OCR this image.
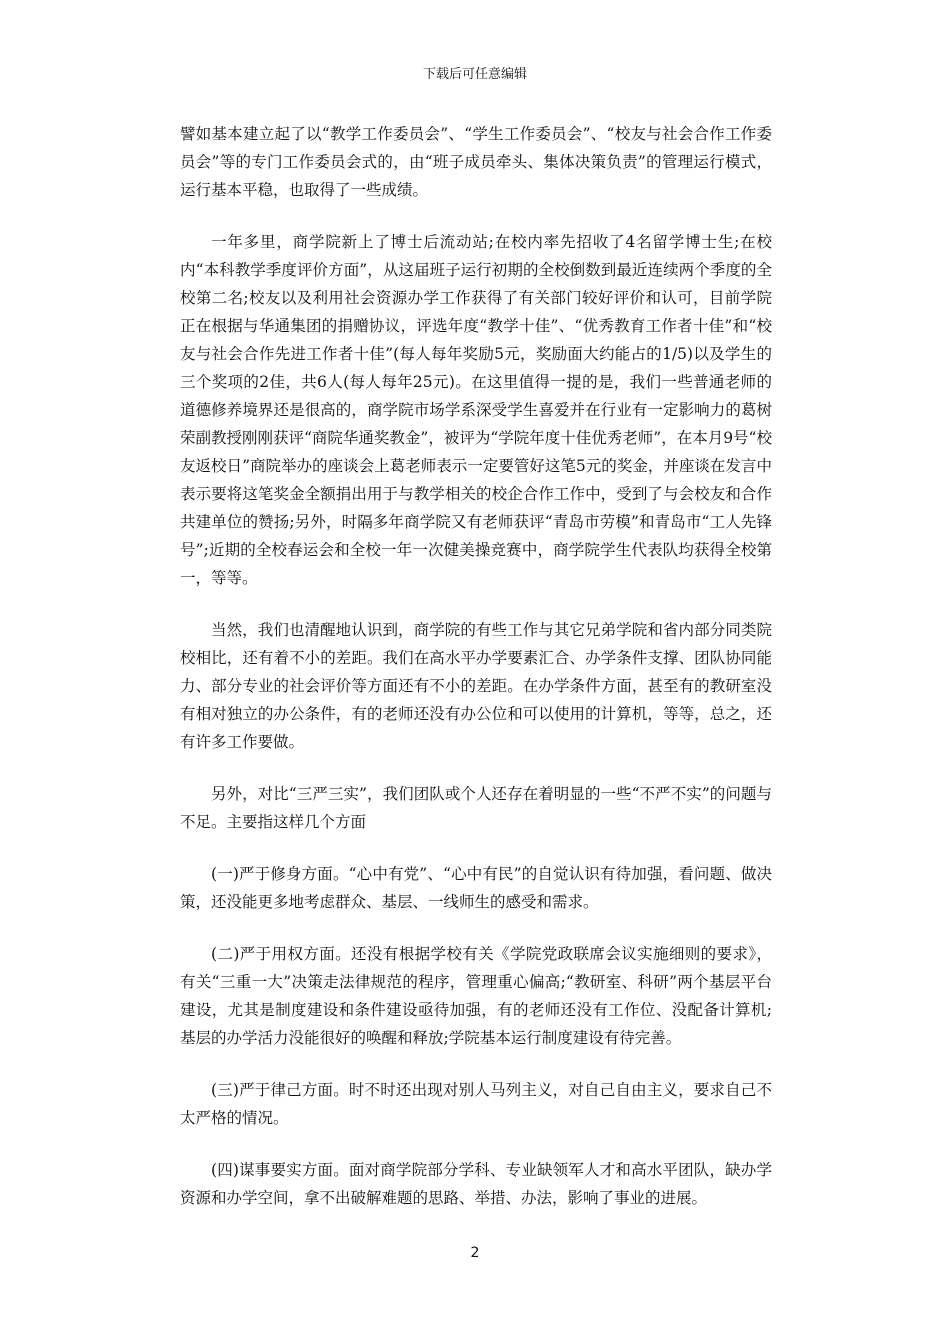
下载后可任意编辑

譬如基本建立起了以“教学工作委员会”、“学生工作委员会”、“校友与社会合作工作委员会”等的专门工作委员会式的，由“班子成员牵头、集体决策负责”的管理运行模式，运行基本平稳，也取得了一些成绩。

一年多里，商学院新上了博士后流动站;在校内率先招收了4名留学博士生;在校内“本科教学季度评价方面”，从这届班子运行初期的全校倒数到最近连续两个季度的全校第二名;校友以及利用社会资源办学工作获得了有关部门较好评价和认可，目前学院正在根据与华通集团的捐赠协议，评选年度“教学十佳”、“优秀教育工作者十佳”和“校友与社会合作先进工作者十佳”(每人每年奖励5元，奖励面大约能占的1/5)以及学生的三个奖项的2佳，共6人(每人每年25元)。在这里值得一提的是，我们一些普通老师的道德修养境界还是很高的，商学院市场学系深受学生喜爱并在行业有一定影响力的葛树荣副教授刚刚获评“商院华通奖教金”，被评为“学院年度十佳优秀老师”，在本月9号“校友返校日”商院举办的座谈会上葛老师表示一定要管好这笔5元的奖金，并座谈在发言中表示要将这笔奖金全额捐出用于与教学相关的校企合作工作中，受到了与会校友和合作共建单位的赞扬;另外，时隔多年商学院又有老师获评“青岛市劳模”和青岛市“工人先锋号”;近期的全校春运会和全校一年一次健美操竞赛中，商学院学生代表队均获得全校第一，等等。

当然，我们也清醒地认识到，商学院的有些工作与其它兄弟学院和省内部分同类院校相比，还有着不小的差距。我们在高水平办学要素汇合、办学条件支撑、团队协同能力、部分专业的社会评价等方面还有不小的差距。在办学条件方面，甚至有的教研室没有相对独立的办公条件，有的老师还没有办公位和可以使用的计算机，等等，总之，还有许多工作要做。

另外，对比“三严三实”，我们团队或个人还存在着明显的一些“不严不实”的问题与不足。主要指这样几个方面

(一)严于修身方面。“心中有党”、“心中有民”的自觉认识有待加强，看问题、做决策，还没能更多地考虑群众、基层、一线师生的感受和需求。

(二)严于用权方面。还没有根据学校有关《学院党政联席会议实施细则的要求》，有关“三重一大”决策走法律规范的程序，管理重心偏高;“教研室、科研”两个基层平台建设，尤其是制度建设和条件建设亟待加强，有的老师还没有工作位、没配备计算机;基层的办学活力没能很好的唤醒和释放;学院基本运行制度建设有待完善。

(三)严于律己方面。时不时还出现对别人马列主义，对自己自由主义，要求自己不太严格的情况。

(四)谋事要实方面。面对商学院部分学科、专业缺领军人才和高水平团队，缺办学资源和办学空间，拿不出破解难题的思路、举措、办法，影响了事业的进展。

2
